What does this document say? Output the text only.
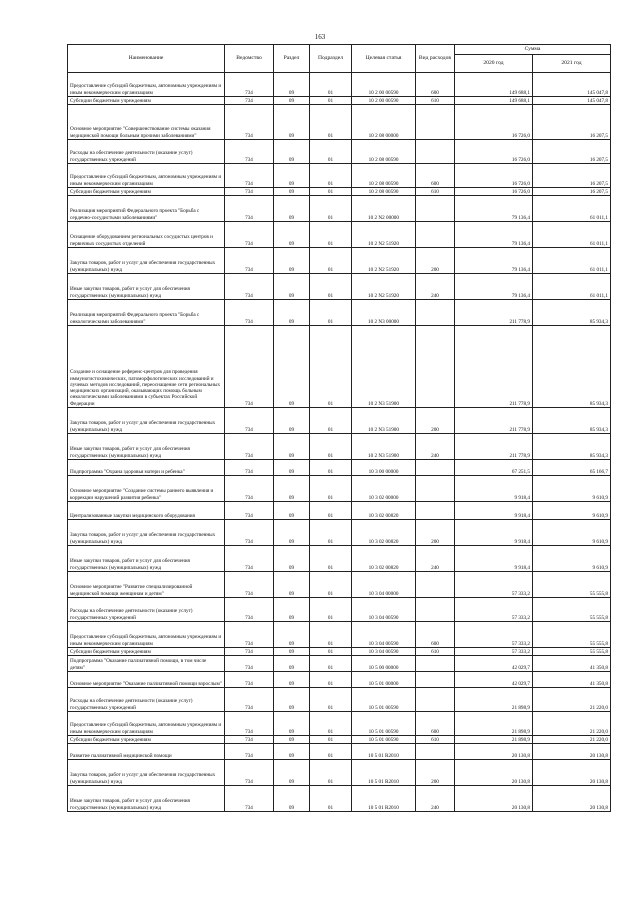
163
Наименование	Ведомство	Раздел	Подраздел	Целевая статья	Вид расходов	Сумма	
						2020 год	2021 год
Предоставление субсидий бюджетным, автономным учреждениям и иным некоммерческим организациям	734	09	01	10 2 00 00590	600	149 688,1	145 047,8
Субсидии бюджетным учреждениям	734	09	01	10 2 00 00590	610	149 688,1	145 047,8
Основное мероприятие "Совершенствование системы оказания медицинской помощи больным прочими заболеваниями"	734	09	01	10 2 08 00000		16 726,0	16 207,5
Расходы на обеспечение деятельности (оказание услуг) государственных учреждений	734	09	01	10 2 08 00590		16 726,0	16 207,5
Предоставление субсидий бюджетным, автономным учреждениям и иным некоммерческим организациям	734	09	01	10 2 08 00590	600	16 726,0	16 207,5
Субсидии бюджетным учреждениям	734	09	01	10 2 08 00590	610	16 726,0	16 207,5
Реализация мероприятий Федерального проекта "Борьба с сердечно-сосудистыми заболеваниями"	734	09	01	10 2 N2 00000		79 136,4	61 011,1
Оснащение оборудованием региональных сосудистых центров и первичных сосудистых отделений	734	09	01	10 2 N2 51920		79 136,4	61 011,1
Закупка товаров, работ и услуг для обеспечения государственных (муниципальных) нужд	734	09	01	10 2 N2 51920	200	79 136,4	61 011,1
Иные закупки товаров, работ и услуг для обеспечения государственных (муниципальных) нужд	734	09	01	10 2 N2 51920	240	79 136,4	61 011,1
Реализация мероприятий Федерального проекта "Борьба с онкологическими заболеваниями"	734	09	01	10 2 N3 00000		211 778,9	85 934,3
Создание и оснащение референс-центров для проведения иммуногистохимических, патоморфологических исследований и лучевых методов исследований, переоснащение сети региональных медицинских организаций, оказывающих помощь больным онкологическими заболеваниями в субъектах Российской Федерации	734	09	01	10 2 N3 51900		211 778,9	85 934,3
Закупка товаров, работ и услуг для обеспечения государственных (муниципальных) нужд	734	09	01	10 2 N3 51900	200	211 778,9	85 934,3
Иные закупки товаров, работ и услуг для обеспечения государственных (муниципальных) нужд	734	09	01	10 2 N3 51900	240	211 778,9	85 934,3
Подпрограмма "Охрана здоровья матери и ребенка"	734	09	01	10 3 00 00000		67 251,5	65 166,7
Основное мероприятие "Создание системы раннего выявления и коррекции нарушений развития ребенка"	734	09	01	10 3 02 00000		9 918,4	9 610,9
Централизованные закупки медицинского оборудования	734	09	01	10 3 02 00820		9 918,4	9 610,9
Закупка товаров, работ и услуг для обеспечения государственных (муниципальных) нужд	734	09	01	10 3 02 00820	200	9 918,4	9 610,9
Иные закупки товаров, работ и услуг для обеспечения государственных (муниципальных) нужд	734	09	01	10 3 02 00820	240	9 918,4	9 610,9
Основное мероприятие "Развитие специализированной медицинской помощи женщинам и детям"	734	09	01	10 3 04 00000		57 333,2	55 555,8
Расходы на обеспечение деятельности (оказание услуг) государственных учреждений	734	09	01	10 3 04 00590		57 333,2	55 555,8
Предоставление субсидий бюджетным, автономным учреждениям и иным некоммерческим организациям	734	09	01	10 3 04 00590	600	57 333,2	55 555,8
Субсидии бюджетным учреждениям	734	09	01	10 3 04 00590	610	57 333,2	55 555,8
Подпрограмма "Оказание паллиативной помощи, в том числе детям"	734	09	01	10 5 00 00000		42 029,7	41 350,8
Основное мероприятие "Оказание паллиативной помощи взрослым"	734	09	01	10 5 01 00000		42 029,7	41 350,8
Расходы на обеспечение деятельности (оказание услуг) государственных учреждений	734	09	01	10 5 01 00590		21 898,9	21 220,0
Предоставление субсидий бюджетным, автономным учреждениям и иным некоммерческим организациям	734	09	01	10 5 01 00590	600	21 898,9	21 220,0
Субсидии бюджетным учреждениям	734	09	01	10 5 01 00590	610	21 898,9	21 220,0
Развитие паллиативной медицинской помощи	734	09	01	10 5 01 R2010		20 130,8	20 130,8
Закупка товаров, работ и услуг для обеспечения государственных (муниципальных) нужд	734	09	01	10 5 01 R2010	200	20 130,8	20 130,8
Иные закупки товаров, работ и услуг для обеспечения государственных (муниципальных) нужд	734	09	01	10 5 01 R2010	240	20 130,8	20 130,8
